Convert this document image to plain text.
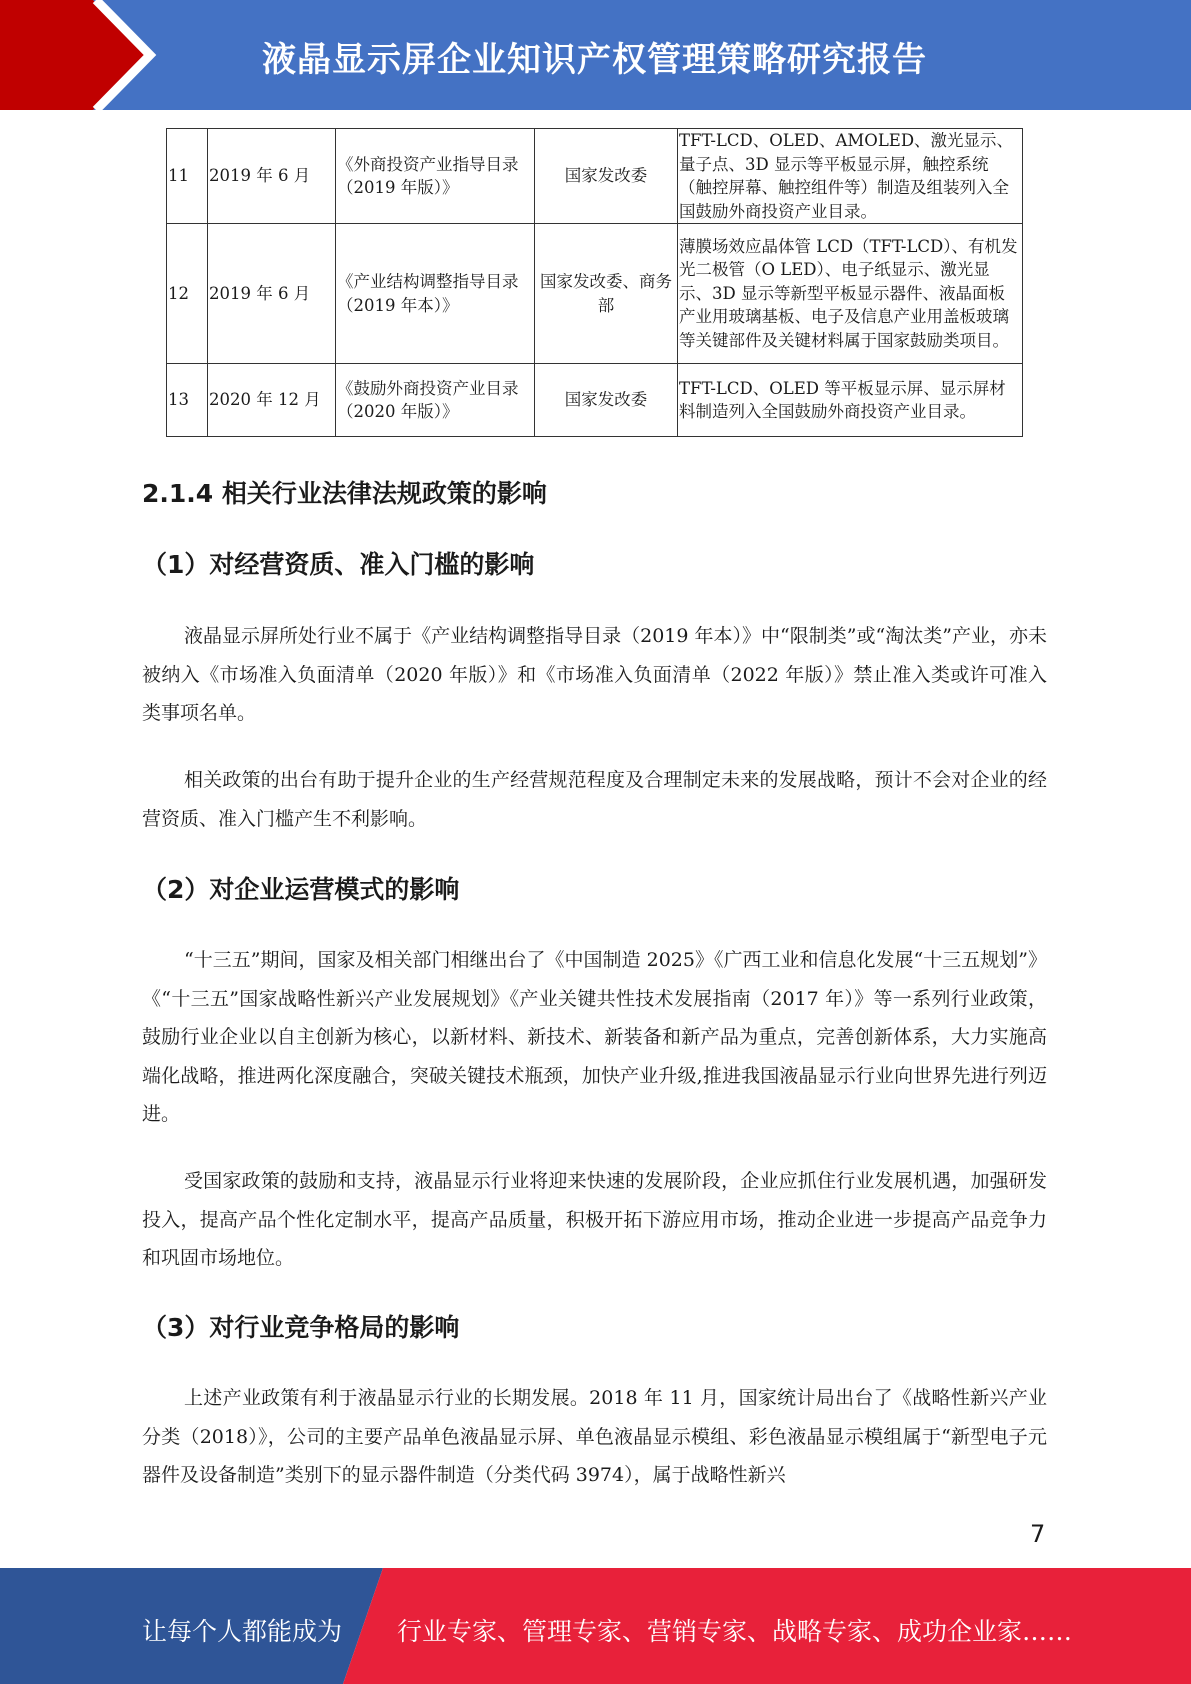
液晶显示屏企业知识产权管理策略研究报告
11	2019 年 6 月	《外商投资产业指导目录（2019 年版）》	国家发改委	TFT-LCD、OLED、AMOLED、激光显示、量子点、3D 显示等平板显示屏，触控系统（触控屏幕、触控组件等）制造及组装列入全国鼓励外商投资产业目录。
12	2019 年 6 月	《产业结构调整指导目录（2019 年本）》	国家发改委、商务部	薄膜场效应晶体管 LCD（TFT-LCD）、有机发光二极管（O LED）、电子纸显示、激光显示、3D 显示等新型平板显示器件、液晶面板产业用玻璃基板、电子及信息产业用盖板玻璃等关键部件及关键材料属于国家鼓励类项目。
13	2020 年 12 月	《鼓励外商投资产业目录（2020 年版）》	国家发改委	TFT-LCD、OLED 等平板显示屏、显示屏材料制造列入全国鼓励外商投资产业目录。
2.1.4 相关行业法律法规政策的影响
（1）对经营资质、准入门槛的影响

液晶显示屏所处行业不属于《产业结构调整指导目录（2019 年本）》中“限制类”或“淘汰类”产业，亦未被纳入《市场准入负面清单（2020 年版）》和《市场准入负面清单（2022 年版）》禁止准入类或许可准入类事项名单。

相关政策的出台有助于提升企业的生产经营规范程度及合理制定未来的发展战略，预计不会对企业的经营资质、准入门槛产生不利影响。

（2）对企业运营模式的影响

“十三五”期间，国家及相关部门相继出台了《中国制造 2025》《广西工业和信息化发展“十三五规划”》《“十三五”国家战略性新兴产业发展规划》《产业关键共性技术发展指南（2017 年）》等一系列行业政策，鼓励行业企业以自主创新为核心，以新材料、新技术、新装备和新产品为重点，完善创新体系，大力实施高端化战略，推进两化深度融合，突破关键技术瓶颈，加快产业升级,推进我国液晶显示行业向世界先进行列迈进。

受国家政策的鼓励和支持，液晶显示行业将迎来快速的发展阶段，企业应抓住行业发展机遇，加强研发投入，提高产品个性化定制水平，提高产品质量，积极开拓下游应用市场，推动企业进一步提高产品竞争力和巩固市场地位。

（3）对行业竞争格局的影响

上述产业政策有利于液晶显示行业的长期发展。2018 年 11 月，国家统计局出台了《战略性新兴产业分类（2018）》，公司的主要产品单色液晶显示屏、单色液晶显示模组、彩色液晶显示模组属于“新型电子元器件及设备制造”类别下的显示器件制造（分类代码 3974），属于战略性新兴

7
让每个人都能成为 行业专家、管理专家、营销专家、战略专家、成功企业家……
